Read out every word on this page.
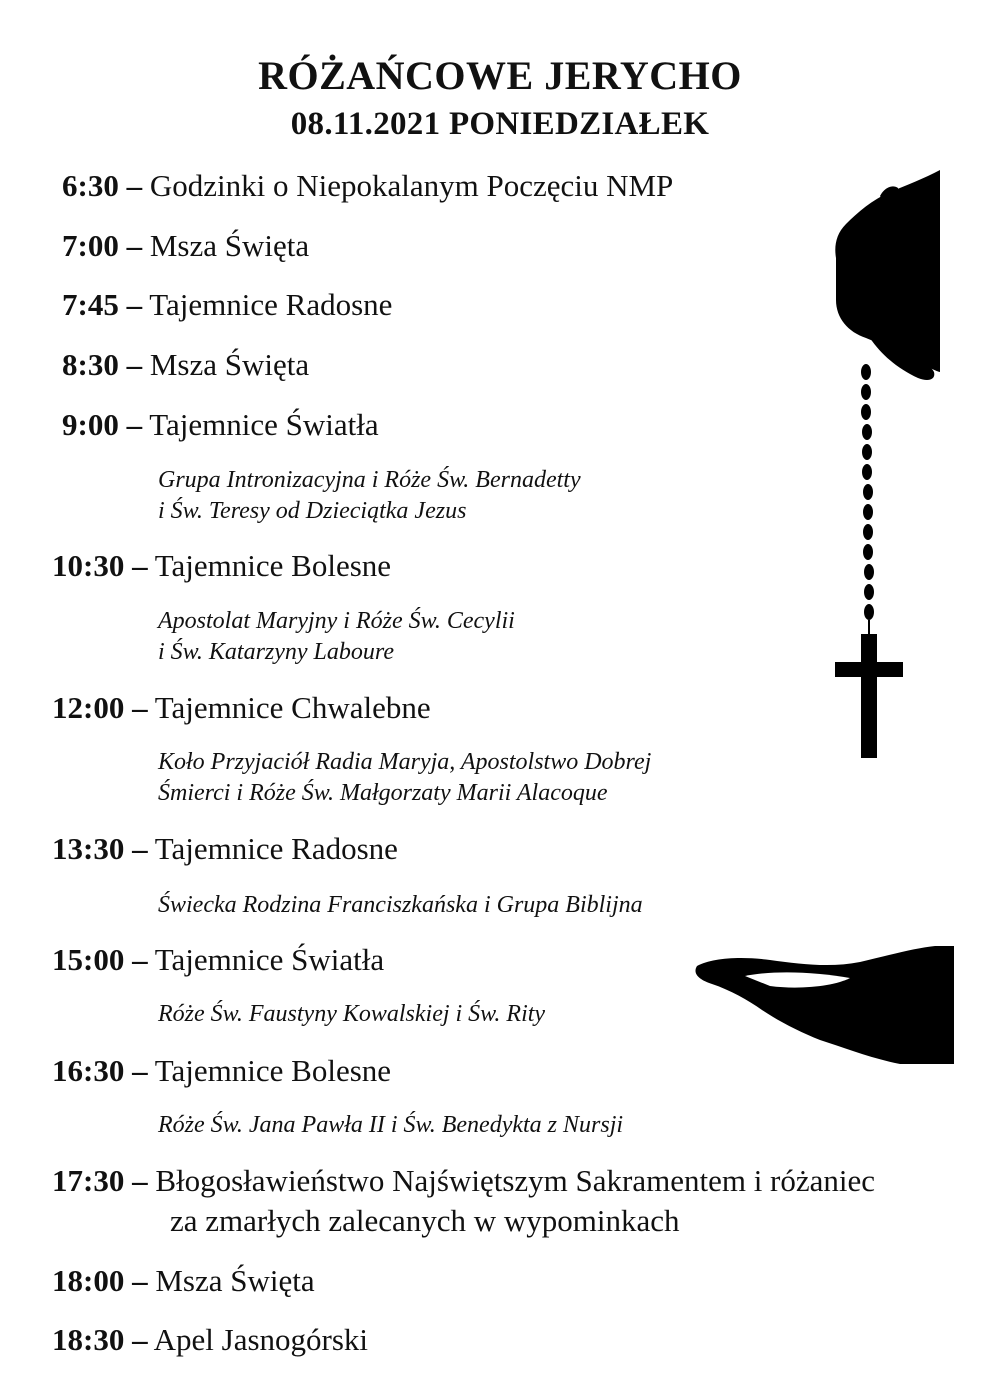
RÓŻAŃCOWE JERYCHO
08.11.2021 PONIEDZIAŁEK
6:30 – Godzinki o Niepokalanym Poczęciu NMP
7:00 – Msza Święta
7:45 – Tajemnice Radosne
8:30 – Msza Święta
9:00 – Tajemnice Światła
Grupa Intronizacyjna i Róże Św. Bernadetty
i Św. Teresy od Dzieciątka Jezus
10:30 – Tajemnice Bolesne
Apostolat Maryjny i Róże Św. Cecylii
i Św. Katarzyny Laboure
12:00 – Tajemnice Chwalebne
Koło Przyjaciół Radia Maryja, Apostolstwo Dobrej
Śmierci i Róże Św. Małgorzaty Marii Alacoque
13:30 – Tajemnice Radosne
Świecka Rodzina Franciszkańska i Grupa Biblijna
15:00 – Tajemnice Światła
Róże Św. Faustyny Kowalskiej i Św. Rity
16:30 – Tajemnice Bolesne
Róże Św. Jana Pawła II i Św. Benedykta z Nursji
17:30 – Błogosławieństwo Najświętszym Sakramentem i różaniec
za zmarłych zalecanych w wypominkach
18:00 – Msza Święta
18:30 – Apel Jasnogórski
